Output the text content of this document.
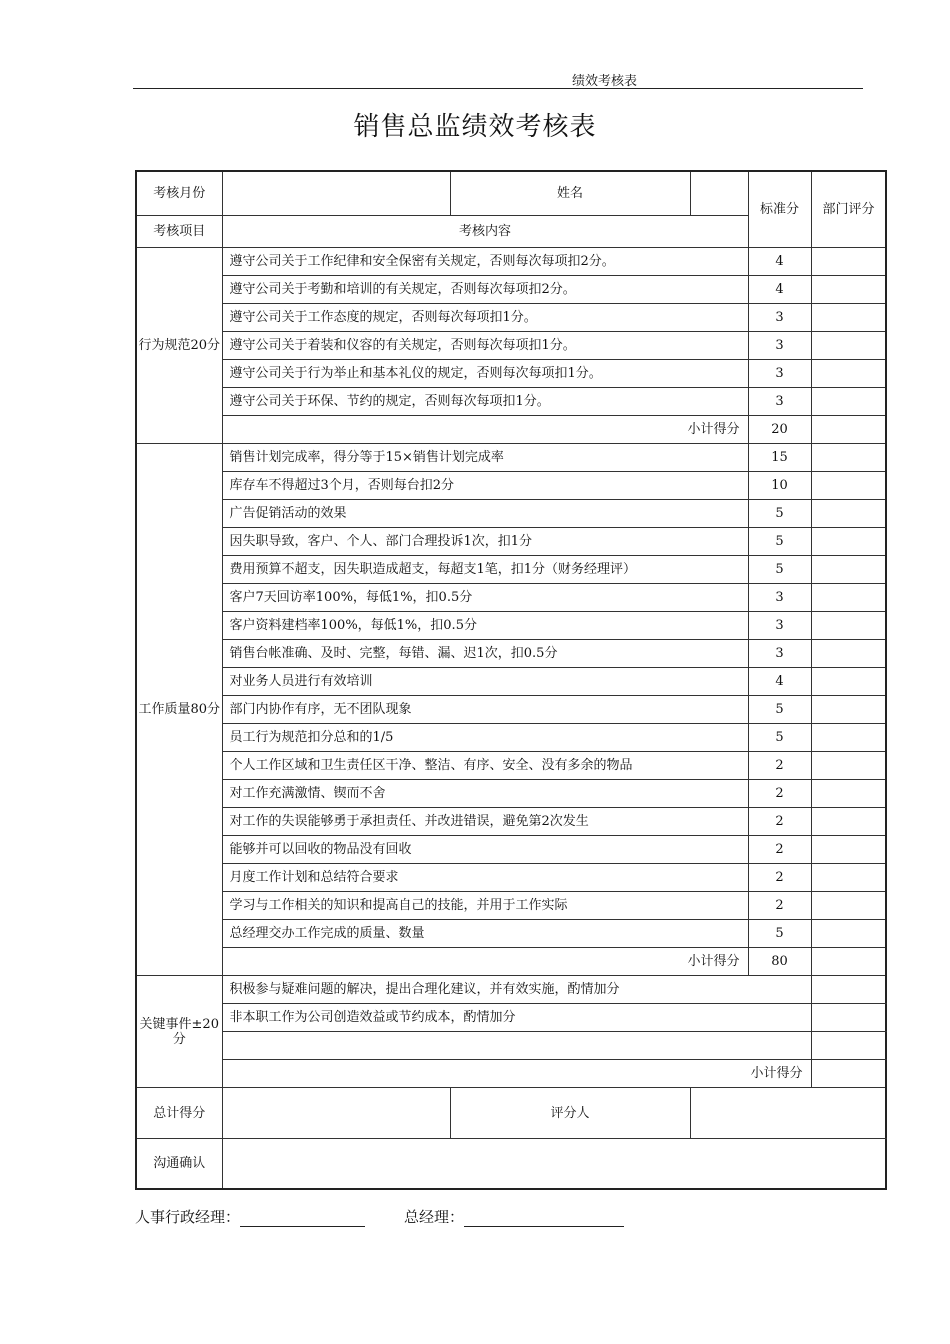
绩效考核表
销售总监绩效考核表
考核月份		姓名		标准分	部门评分	
考核项目	考核内容					
行为规范20分	遵守公司关于工作纪律和安全保密有关规定，否则每次每项扣2分。			4		
	遵守公司关于考勤和培训的有关规定，否则每次每项扣2分。			4		
	遵守公司关于工作态度的规定，否则每次每项扣1分。			3		
	遵守公司关于着装和仪容的有关规定，否则每次每项扣1分。			3		
	遵守公司关于行为举止和基本礼仪的规定，否则每次每项扣1分。			3		
	遵守公司关于环保、节约的规定，否则每次每项扣1分。			3		
	小计得分			20		
工作质量80分	销售计划完成率，得分等于15×销售计划完成率			15		
	库存车不得超过3个月，否则每台扣2分			10		
	广告促销活动的效果			5		
	因失职导致，客户、个人、部门合理投诉1次，扣1分			5		
	费用预算不超支，因失职造成超支，每超支1笔，扣1分（财务经理评）			5		
	客户7天回访率100%，每低1%，扣0.5分			3		
	客户资料建档率100%，每低1%，扣0.5分			3		
	销售台帐准确、及时、完整，每错、漏、迟1次，扣0.5分			3		
	对业务人员进行有效培训			4		
	部门内协作有序，无不团队现象			5		
	员工行为规范扣分总和的1/5			5		
	个人工作区域和卫生责任区干净、整洁、有序、安全、没有多余的物品			2		
	对工作充满激情、锲而不舍			2		
	对工作的失误能够勇于承担责任、并改进错误，避免第2次发生			2		
	能够并可以回收的物品没有回收			2		
	月度工作计划和总结符合要求			2		
	学习与工作相关的知识和提高自己的技能，并用于工作实际			2		
	总经理交办工作完成的质量、数量			5		
	小计得分			80		
关键事件±20分	积极参与疑难问题的解决，提出合理化建议，并有效实施，酌情加分		
	非本职工作为公司创造效益或节约成本，酌情加分					

	小计得分					
总计得分		评分人				
沟通确认						
人事行政经理：	总经理：
